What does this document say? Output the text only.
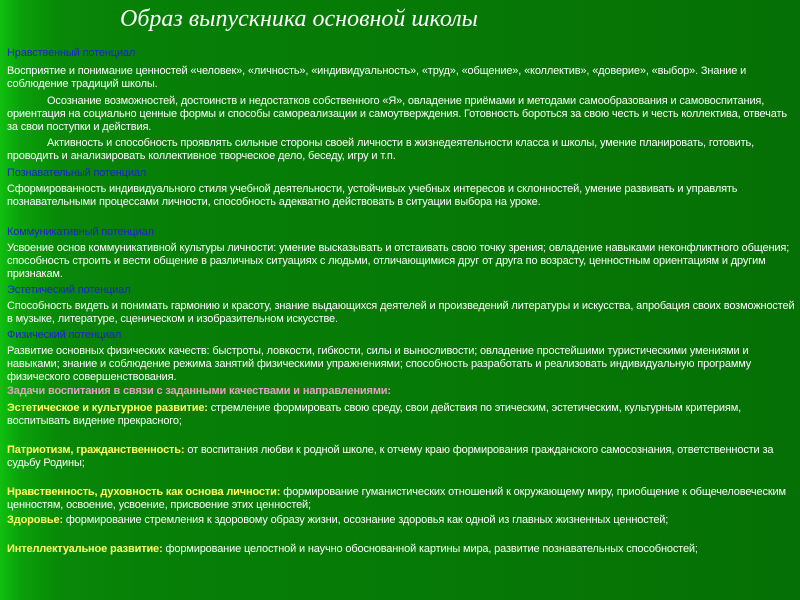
Образ выпускника основной школы
Нравственный потенциал
Восприятие и понимание ценностей «человек», «личность», «индивидуальность», «труд», «общение», «коллектив», «доверие», «выбор». Знание и соблюдение традиций школы.
Осознание возможностей, достоинств и недостатков собственного «Я», овладение приёмами и методами самообразования и самовоспитания, ориентация на социально ценные формы и способы самореализации и самоутверждения. Готовность бороться за свою честь и честь коллектива, отвечать за свои поступки и действия.
Активность и способность проявлять сильные стороны своей личности в жизнедеятельности класса и школы, умение планировать, готовить, проводить и анализировать коллективное творческое дело, беседу, игру и т.п.
Познавательный потенциал
Сформированность индивидуального стиля учебной деятельности, устойчивых учебных интересов и склонностей, умение развивать и управлять познавательными процессами личности, способность адекватно действовать в ситуации выбора на уроке.
Коммуникативный потенциал
Усвоение основ коммуникативной культуры личности: умение высказывать и отстаивать свою точку зрения; овладение навыками неконфликтного общения; способность строить и вести общение в различных ситуациях с людьми, отличающимися друг от друга по возрасту, ценностным ориентациям и другим признакам.
Эстетический потенциал
Способность видеть и понимать гармонию и красоту, знание выдающихся деятелей и произведений литературы и искусства, апробация своих возможностей в музыке, литературе, сценическом и изобразительном искусстве.
Физический потенциал
Развитие основных физических качеств: быстроты, ловкости, гибкости, силы и выносливости; овладение простейшими туристическими умениями и навыками; знание и соблюдение режима занятий физическими упражнениями; способность разработать и реализовать индивидуальную программу физического совершенствования.
Задачи воспитания в связи с заданными качествами и направлениями:
Эстетическое и культурное развитие: стремление формировать свою среду, свои действия по этическим, эстетическим, культурным критериям, воспитывать видение прекрасного;
Патриотизм, гражданственность: от воспитания любви к родной школе, к отчему краю формирования гражданского самосознания, ответственности за судьбу Родины;
Нравственность, духовность как основа личности: формирование гуманистических отношений к окружающему миру, приобщение к общечеловеческим ценностям, освоение, усвоение, присвоение этих ценностей;
Здоровье: формирование стремления к здоровому образу жизни, осознание здоровья как одной из главных жизненных ценностей;
Интеллектуальное развитие: формирование целостной и научно обоснованной картины мира, развитие познавательных способностей;
